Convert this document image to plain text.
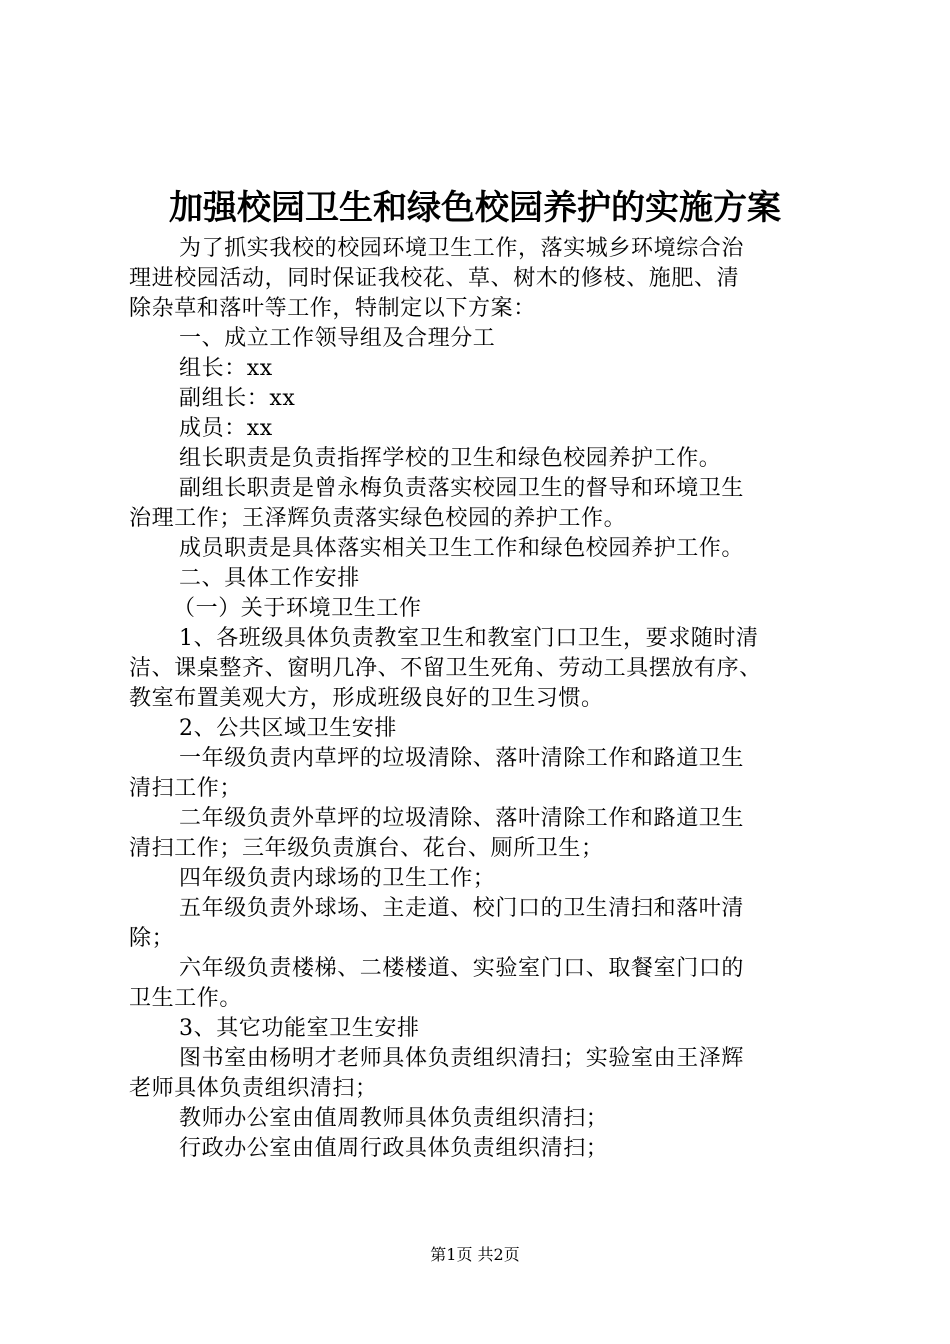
加强校园卫生和绿色校园养护的实施方案
为了抓实我校的校园环境卫生工作，落实城乡环境综合治
理进校园活动，同时保证我校花、草、树木的修枝、施肥、清
除杂草和落叶等工作，特制定以下方案：
一、成立工作领导组及合理分工
组长：xx
副组长：xx
成员：xx
组长职责是负责指挥学校的卫生和绿色校园养护工作。
副组长职责是曾永梅负责落实校园卫生的督导和环境卫生
治理工作；王泽辉负责落实绿色校园的养护工作。
成员职责是具体落实相关卫生工作和绿色校园养护工作。
二、具体工作安排
（一）关于环境卫生工作
1、各班级具体负责教室卫生和教室门口卫生，要求随时清
洁、课桌整齐、窗明几净、不留卫生死角、劳动工具摆放有序、
教室布置美观大方，形成班级良好的卫生习惯。
2、公共区域卫生安排
一年级负责内草坪的垃圾清除、落叶清除工作和路道卫生
清扫工作；
二年级负责外草坪的垃圾清除、落叶清除工作和路道卫生
清扫工作；三年级负责旗台、花台、厕所卫生；
四年级负责内球场的卫生工作；
五年级负责外球场、主走道、校门口的卫生清扫和落叶清
除；
六年级负责楼梯、二楼楼道、实验室门口、取餐室门口的
卫生工作。
3、其它功能室卫生安排
图书室由杨明才老师具体负责组织清扫；实验室由王泽辉
老师具体负责组织清扫；
教师办公室由值周教师具体负责组织清扫；
行政办公室由值周行政具体负责组织清扫；
第1页 共2页
